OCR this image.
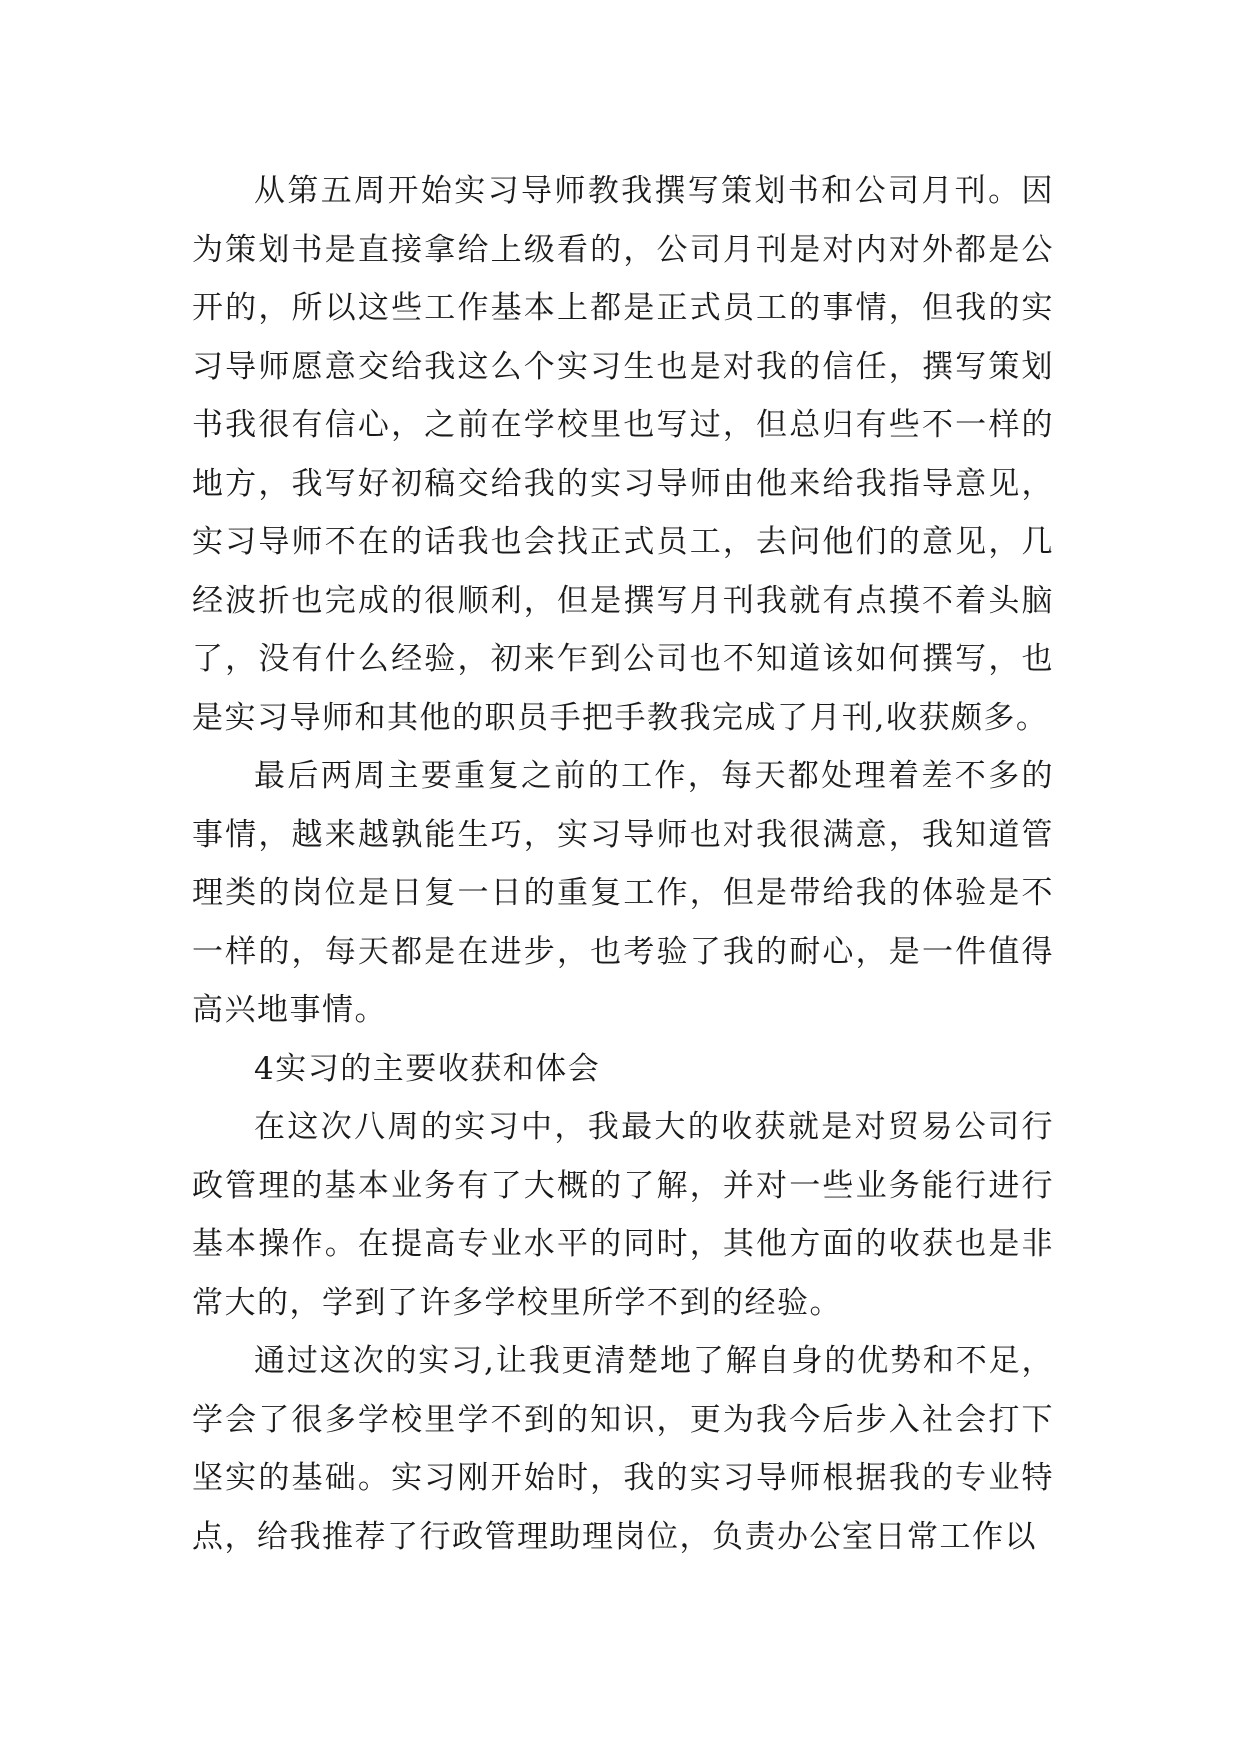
从第五周开始实习导师教我撰写策划书和公司月刊。因为策划书是直接拿给上级看的，公司月刊是对内对外都是公开的，所以这些工作基本上都是正式员工的事情，但我的实习导师愿意交给我这么个实习生也是对我的信任，撰写策划书我很有信心，之前在学校里也写过，但总归有些不一样的地方，我写好初稿交给我的实习导师由他来给我指导意见，实习导师不在的话我也会找正式员工，去问他们的意见，几经波折也完成的很顺利，但是撰写月刊我就有点摸不着头脑了，没有什么经验，初来乍到公司也不知道该如何撰写，也是实习导师和其他的职员手把手教我完成了月刊,收获颇多。

最后两周主要重复之前的工作，每天都处理着差不多的事情，越来越孰能生巧，实习导师也对我很满意，我知道管理类的岗位是日复一日的重复工作，但是带给我的体验是不一样的，每天都是在进步，也考验了我的耐心，是一件值得高兴地事情。

4实习的主要收获和体会

在这次八周的实习中，我最大的收获就是对贸易公司行政管理的基本业务有了大概的了解，并对一些业务能行进行基本操作。在提高专业水平的同时，其他方面的收获也是非常大的，学到了许多学校里所学不到的经验。

通过这次的实习,让我更清楚地了解自身的优势和不足，学会了很多学校里学不到的知识，更为我今后步入社会打下坚实的基础。实习刚开始时，我的实习导师根据我的专业特点，给我推荐了行政管理助理岗位，负责办公室日常工作以
